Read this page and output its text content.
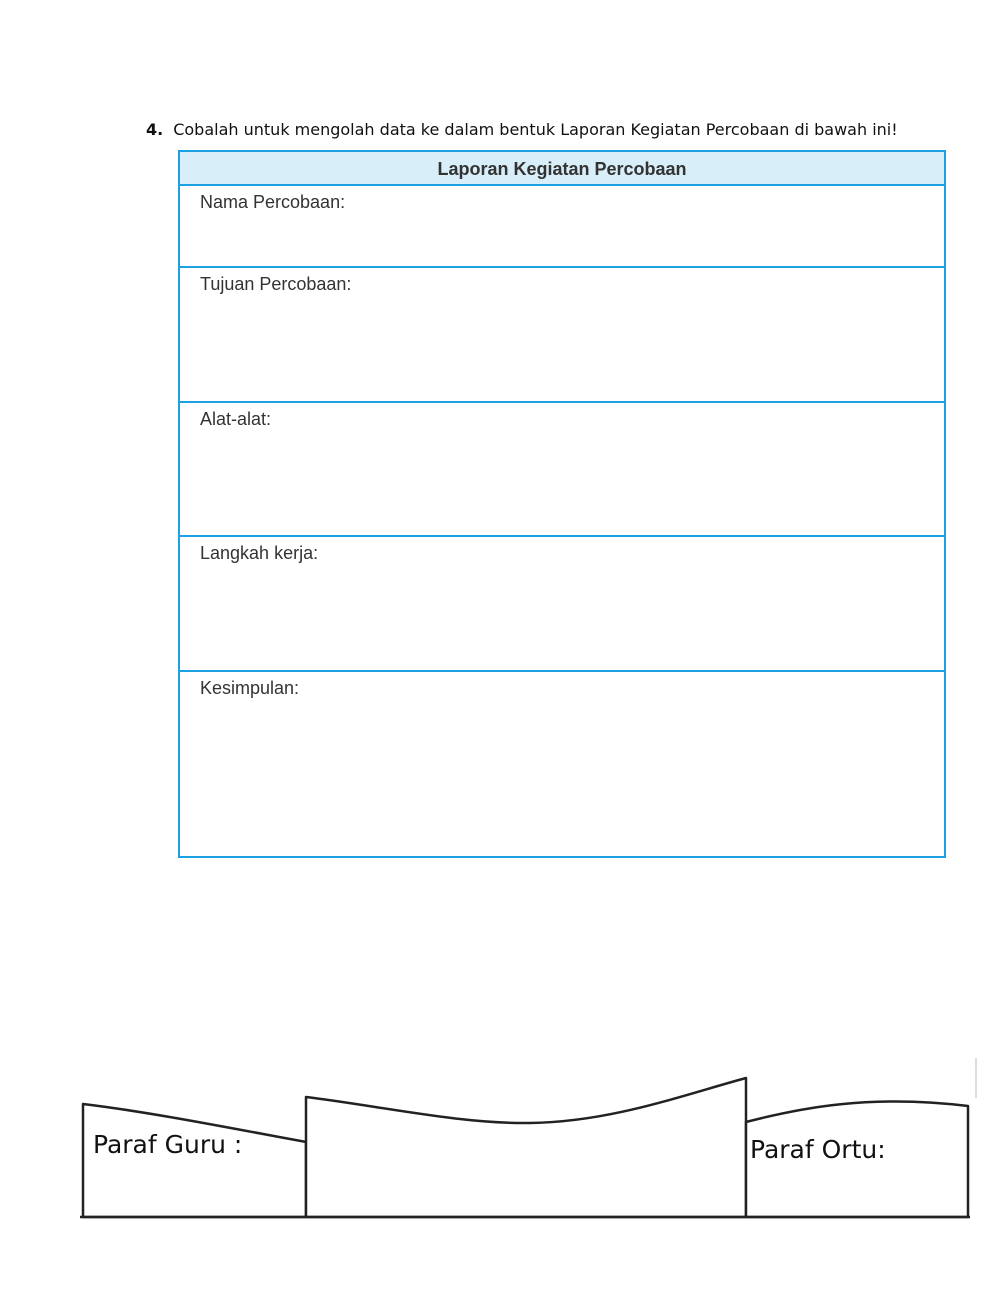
4. Cobalah untuk mengolah data ke dalam bentuk Laporan Kegiatan Percobaan di bawah ini!
Laporan Kegiatan Percobaan
Nama Percobaan:
Tujuan Percobaan:
Alat-alat:
Langkah kerja:
Kesimpulan:
Paraf Guru :	Paraf Ortu:
